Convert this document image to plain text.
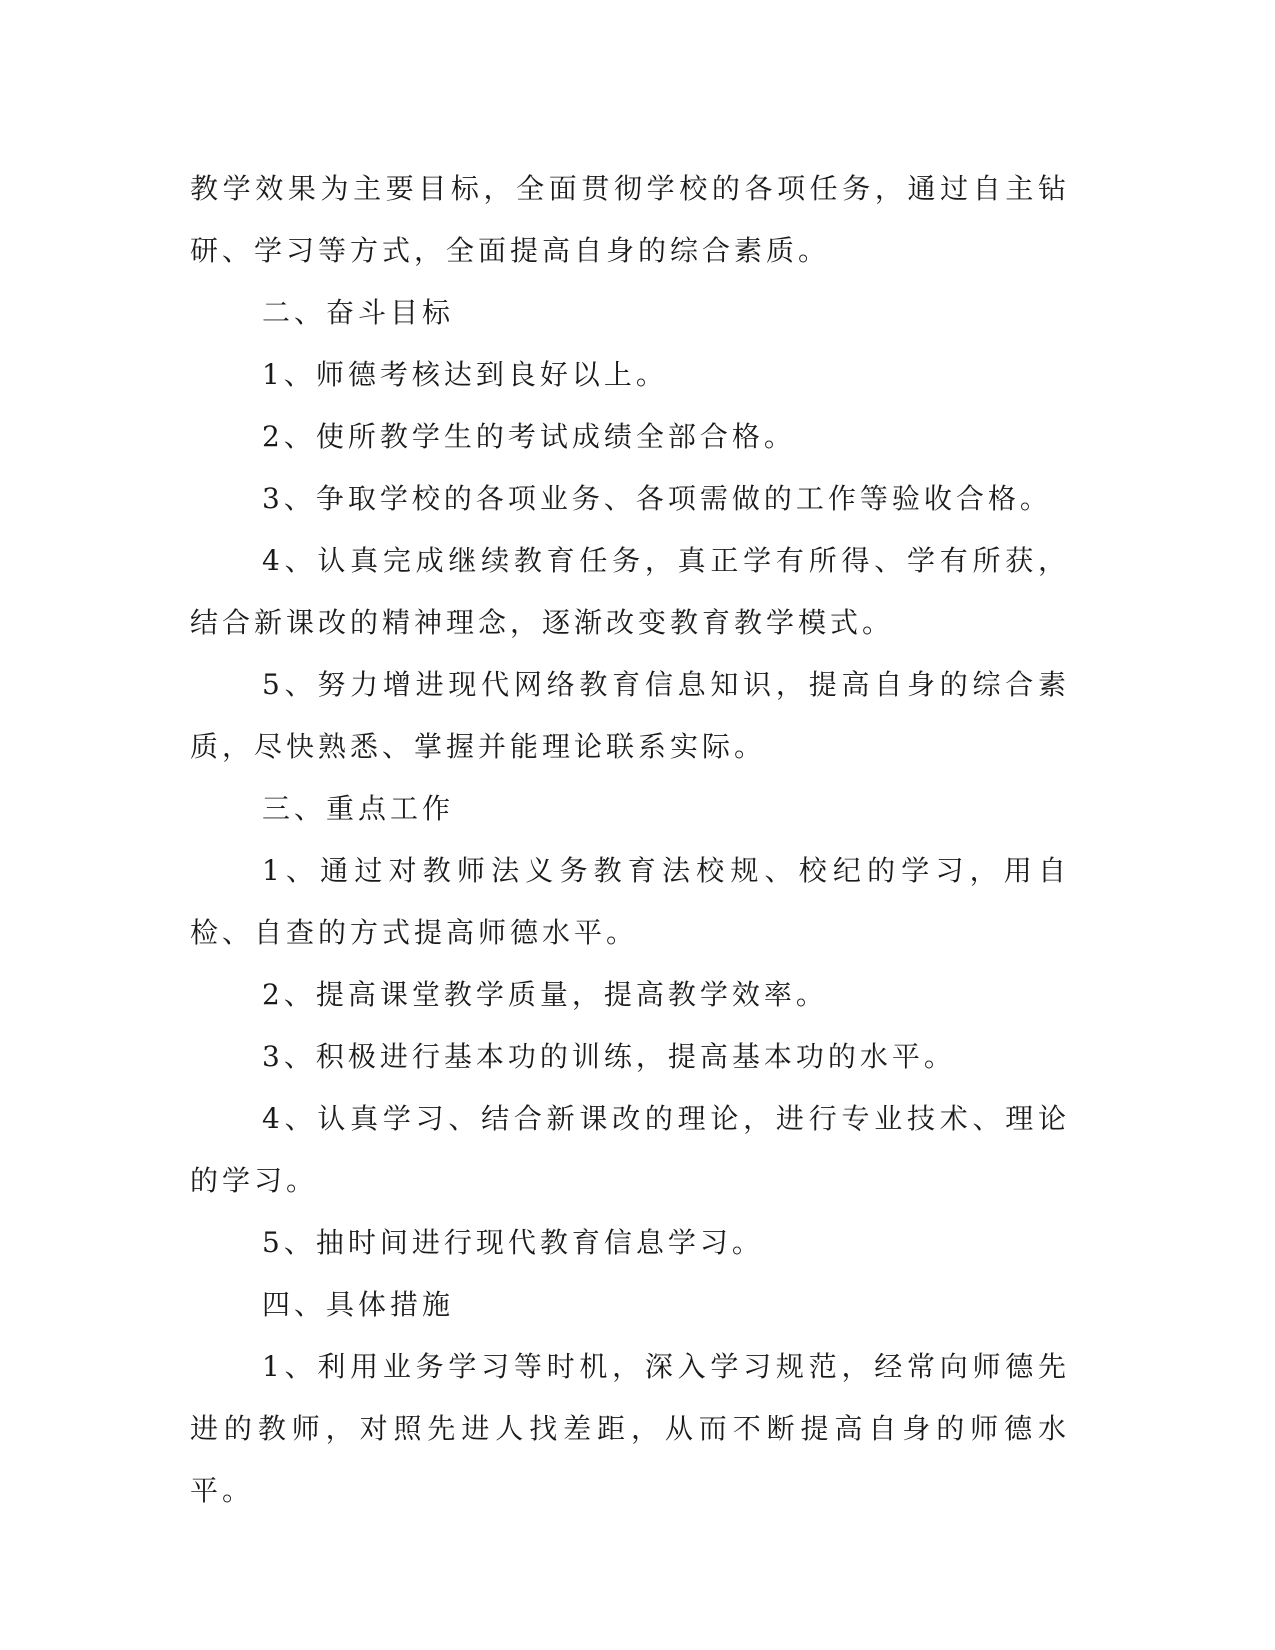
教学效果为主要目标，全面贯彻学校的各项任务，通过自主钻研、学习等方式，全面提高自身的综合素质。

二、奋斗目标

1、师德考核达到良好以上。

2、使所教学生的考试成绩全部合格。

3、争取学校的各项业务、各项需做的工作等验收合格。

4、认真完成继续教育任务，真正学有所得、学有所获，结合新课改的精神理念，逐渐改变教育教学模式。

5、努力增进现代网络教育信息知识，提高自身的综合素质，尽快熟悉、掌握并能理论联系实际。

三、重点工作

1、通过对教师法义务教育法校规、校纪的学习，用自检、自查的方式提高师德水平。

2、提高课堂教学质量，提高教学效率。

3、积极进行基本功的训练，提高基本功的水平。

4、认真学习、结合新课改的理论，进行专业技术、理论的学习。

5、抽时间进行现代教育信息学习。

四、具体措施

1、利用业务学习等时机，深入学习规范，经常向师德先进的教师，对照先进人找差距，从而不断提高自身的师德水平。
